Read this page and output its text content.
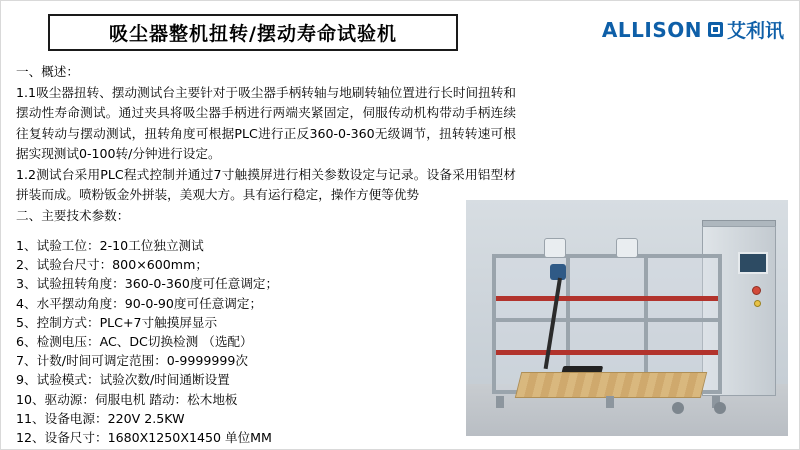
吸尘器整机扭转/摆动寿命试验机	ALLISON 艾利讯
一、概述：
1.1吸尘器扭转、摆动测试台主要针对于吸尘器手柄转轴与地刷转轴位置进行长时间扭转和摆动性寿命测试。通过夹具将吸尘器手柄进行两端夹紧固定，伺服传动机构带动手柄连续往复转动与摆动测试，扭转角度可根据PLC进行正反360-0-360无级调节，扭转转速可根据实现测试0-100转/分钟进行设定。
1.2测试台采用PLC程式控制并通过7寸触摸屏进行相关参数设定与记录。设备采用铝型材拼装而成。喷粉钣金外拼装，美观大方。具有运行稳定，操作方便等优势
二、主要技术参数：
1、试验工位：2-10工位独立测试
2、试验台尺寸：800×600mm；
3、试验扭转角度：360-0-360度可任意调定；
4、水平摆动角度：90-0-90度可任意调定；
5、控制方式：PLC+7寸触摸屏显示
6、检测电压：AC、DC切换检测 （选配）
7、计数/时间可调定范围：0-9999999次
9、试验模式：试验次数/时间通断设置
10、驱动源：伺服电机 踏动：松木地板
11、设备电源：220V 2.5KW
12、设备尺寸：1680X1250X1450 单位MM
